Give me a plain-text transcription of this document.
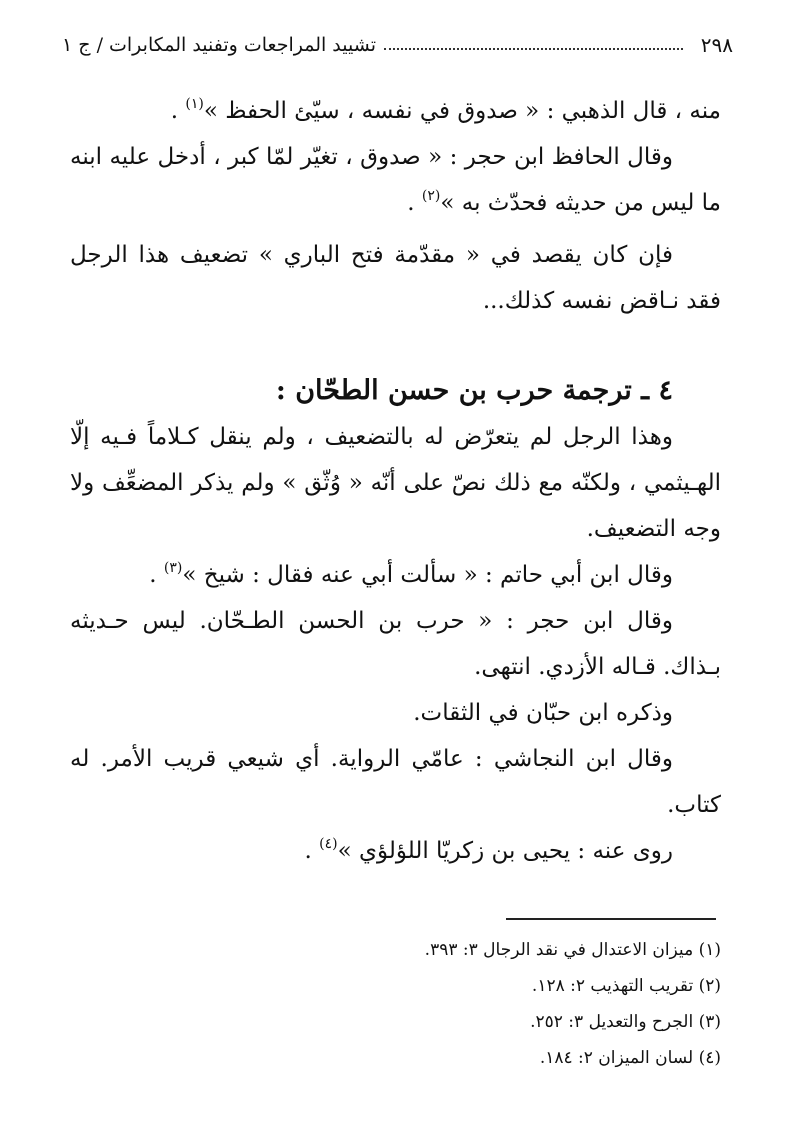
٢٩٨
تشييد المراجعات وتفنيد المكابرات / ج ١

منه ، قال الذهبي : « صدوق في نفسه ، سيّئ الحفظ »$^{(١)}$ .

وقال الحافظ ابن حجر : « صدوق ، تغيّر لمّا كبر ، أدخل عليه ابنه ما ليس من حديثه فحدّث به »$^{(٢)}$ .

فإن كان يقصد في « مقدّمة فتح الباري » تضعيف هذا الرجل فقد نـاقض نفسه كذلك...

٤ ـ ترجمة حرب بن حسن الطحّان :

وهذا الرجل لم يتعرّض له بالتضعيف ، ولم ينقل كـلاماً فـيه إلّا الهـيثمي ، ولكنّه مع ذلك نصّ على أنّه « وُثّق » ولم يذكر المضعِّف ولا وجه التضعيف.

وقال ابن أبي حاتم : « سألت أبي عنه فقال : شيخ »$^{(٣)}$ .

وقال ابن حجر : « حرب بن الحسن الطـحّان. ليس حـديثه بـذاك. قـاله الأزدي. انتهى.

وذكره ابن حبّان في الثقات.

وقال ابن النجاشي : عامّي الرواية. أي شيعي قريب الأمر. له كتاب.

روى عنه : يحيى بن زكريّا اللؤلؤي »$^{(٤)}$ .

(١) ميزان الاعتدال في نقد الرجال ٣: ٣٩٣.

(٢) تقريب التهذيب ٢: ١٢٨.

(٣) الجرح والتعديل ٣: ٢٥٢.

(٤) لسان الميزان ٢: ١٨٤.
